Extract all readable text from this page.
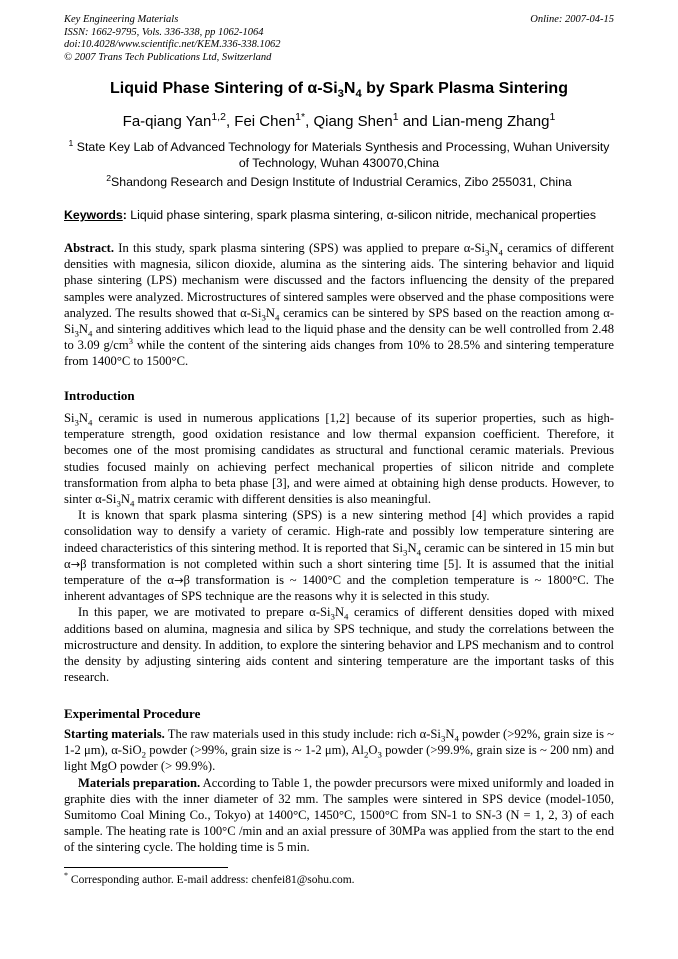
Key Engineering Materials
ISSN: 1662-9795, Vols. 336-338, pp 1062-1064
doi:10.4028/www.scientific.net/KEM.336-338.1062
© 2007 Trans Tech Publications Ltd, Switzerland
Online: 2007-04-15
Liquid Phase Sintering of $\alpha-Si_3N_4$ by Spark Plasma Sintering
Fa-qiang Yan$^{1,2}$, Fei Chen$^{1*}$, Qiang Shen$^1$ and Lian-meng Zhang$^1$
$^1$ State Key Lab of Advanced Technology for Materials Synthesis and Processing, Wuhan University of Technology, Wuhan 430070,China
$^2$Shandong Research and Design Institute of Industrial Ceramics, Zibo 255031, China
Keywords: Liquid phase sintering, spark plasma sintering, α-silicon nitride, mechanical properties

Abstract. In this study, spark plasma sintering (SPS) was applied to prepare $\alpha-Si_3N_4$ ceramics of different densities with magnesia, silicon dioxide, alumina as the sintering aids. The sintering behavior and liquid phase sintering (LPS) mechanism were discussed and the factors influencing the density of the prepared samples were analyzed. Microstructures of sintered samples were observed and the phase compositions were analyzed. The results showed that $\alpha-Si_3N_4$ ceramics can be sintered by SPS based on the reaction among $\alpha-Si_3N_4$ and sintering additives which lead to the liquid phase and the density can be well controlled from 2.48 to 3.09 $g/cm^3$ while the content of the sintering aids changes from 10% to 28.5% and sintering temperature from 1400°C to 1500°C.

Introduction

$Si_3N_4$ ceramic is used in numerous applications [1,2] because of its superior properties, such as high-temperature strength, good oxidation resistance and low thermal expansion coefficient. Therefore, it becomes one of the most promising candidates as structural and functional ceramic materials. Previous studies focused mainly on achieving perfect mechanical properties of silicon nitride and complete transformation from alpha to beta phase [3], and were aimed at obtaining high dense products. However, to sinter $\alpha-Si_3N_4$ matrix ceramic with different densities is also meaningful.

It is known that spark plasma sintering (SPS) is a new sintering method [4] which provides a rapid consolidation way to densify a variety of ceramic. High-rate and possibly low temperature sintering are indeed characteristics of this sintering method. It is reported that $Si_3N_4$ ceramic can be sintered in 15 min but α→β transformation is not completed within such a short sintering time [5]. It is assumed that the initial temperature of the α→β transformation is ~ 1400°C and the completion temperature is ~ 1800°C. The inherent advantages of SPS technique are the reasons why it is selected in this study.

In this paper, we are motivated to prepare $\alpha-Si_3N_4$ ceramics of different densities doped with mixed additions based on alumina, magnesia and silica by SPS technique, and study the correlations between the microstructure and density. In addition, to explore the sintering behavior and LPS mechanism and to control the density by adjusting sintering aids content and sintering temperature are the important tasks of this research.

Experimental Procedure

Starting materials. The raw materials used in this study include: rich $\alpha-Si_3N_4$ powder (>92%, grain size is ~ 1-2 μm), α-SiO$_2$ powder (>99%, grain size is ~ 1-2 μm), $Al_2O_3$ powder (>99.9%, grain size is ~ 200 nm) and light MgO powder (> 99.9%).

Materials preparation. According to Table 1, the powder precursors were mixed uniformly and loaded in graphite dies with the inner diameter of 32 mm. The samples were sintered in SPS device (model-1050, Sumitomo Coal Mining Co., Tokyo) at 1400°C, 1450°C, 1500°C from SN-1 to SN-3 (N = 1, 2, 3) of each sample. The heating rate is 100°C /min and an axial pressure of 30MPa was applied from the start to the end of the sintering cycle. The holding time is 5 min.

* Corresponding author. E-mail address: chenfei81@sohu.com.
